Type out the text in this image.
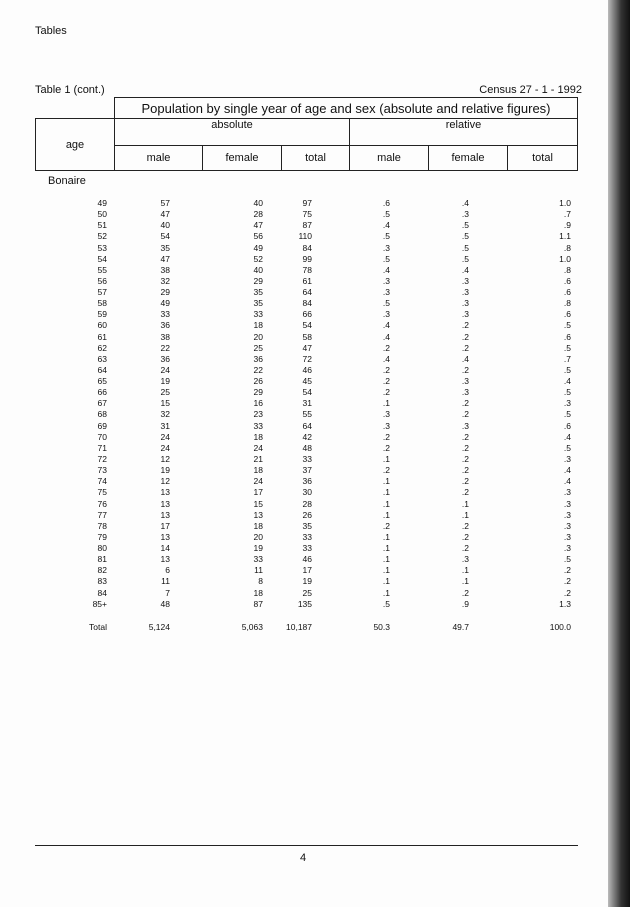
Tables
Table 1 (cont.)	Census 27 - 1 - 1992
	Population by single year of age and sex (absolute and relative figures)					
age	absolute			relative		
	male	female	total	male	female	total
Bonaire
49	57	40	97	.6	.4	1.0
50	47	28	75	.5	.3	.7
51	40	47	87	.4	.5	.9
52	54	56	110	.5	.5	1.1
53	35	49	84	.3	.5	.8
54	47	52	99	.5	.5	1.0
55	38	40	78	.4	.4	.8
56	32	29	61	.3	.3	.6
57	29	35	64	.3	.3	.6
58	49	35	84	.5	.3	.8
59	33	33	66	.3	.3	.6
60	36	18	54	.4	.2	.5
61	38	20	58	.4	.2	.6
62	22	25	47	.2	.2	.5
63	36	36	72	.4	.4	.7
64	24	22	46	.2	.2	.5
65	19	26	45	.2	.3	.4
66	25	29	54	.2	.3	.5
67	15	16	31	.1	.2	.3
68	32	23	55	.3	.2	.5
69	31	33	64	.3	.3	.6
70	24	18	42	.2	.2	.4
71	24	24	48	.2	.2	.5
72	12	21	33	.1	.2	.3
73	19	18	37	.2	.2	.4
74	12	24	36	.1	.2	.4
75	13	17	30	.1	.2	.3
76	13	15	28	.1	.1	.3
77	13	13	26	.1	.1	.3
78	17	18	35	.2	.2	.3
79	13	20	33	.1	.2	.3
80	14	19	33	.1	.2	.3
81	13	33	46	.1	.3	.5
82	6	11	17	.1	.1	.2
83	11	8	19	.1	.1	.2
84	7	18	25	.1	.2	.2
85+	48	87	135	.5	.9	1.3
Total	5,124	5,063	10,187	50.3	49.7	100.0
4
